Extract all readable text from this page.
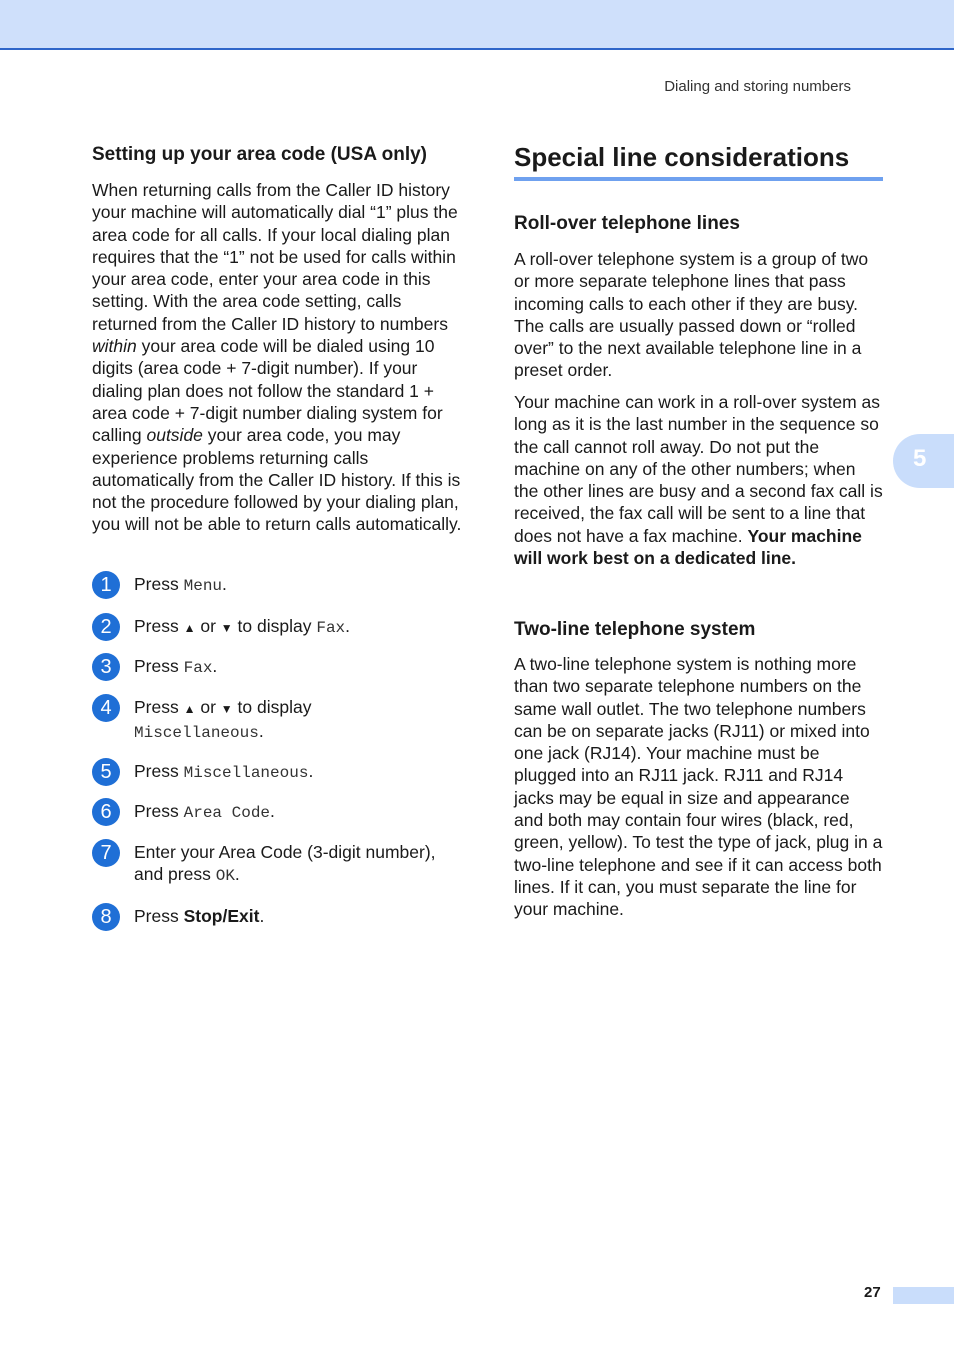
Dialing and storing numbers
5
Setting up your area code (USA only)

When returning calls from the Caller ID history your machine will automatically dial “1” plus the area code for all calls. If your local dialing plan requires that the “1” not be used for calls within your area code, enter your area code in this setting. With the area code setting, calls returned from the Caller ID history to numbers within your area code will be dialed using 10 digits (area code + 7-digit number). If your dialing plan does not follow the standard 1 + area code + 7-digit number dialing system for calling outside your area code, you may experience problems returning calls automatically from the Caller ID history. If this is not the procedure followed by your dialing plan, you will not be able to return calls automatically.

1	Press Menu.
2	Press ▲ or ▼ to display Fax.
3	Press Fax.
4	Press ▲ or ▼ to display
Miscellaneous.
5	Press Miscellaneous.
6	Press Area Code.
7	Enter your Area Code (3-digit number), and press OK.
8	Press Stop/Exit.
Special line considerations
Roll-over telephone lines

A roll-over telephone system is a group of two or more separate telephone lines that pass incoming calls to each other if they are busy. The calls are usually passed down or “rolled over” to the next available telephone line in a preset order.

Your machine can work in a roll-over system as long as it is the last number in the sequence so the call cannot roll away. Do not put the machine on any of the other numbers; when the other lines are busy and a second fax call is received, the fax call will be sent to a line that does not have a fax machine. Your machine will work best on a dedicated line.

Two-line telephone system

A two-line telephone system is nothing more than two separate telephone numbers on the same wall outlet. The two telephone numbers can be on separate jacks (RJ11) or mixed into one jack (RJ14). Your machine must be plugged into an RJ11 jack. RJ11 and RJ14 jacks may be equal in size and appearance and both may contain four wires (black, red, green, yellow). To test the type of jack, plug in a two-line telephone and see if it can access both lines. If it can, you must separate the line for your machine.

27
